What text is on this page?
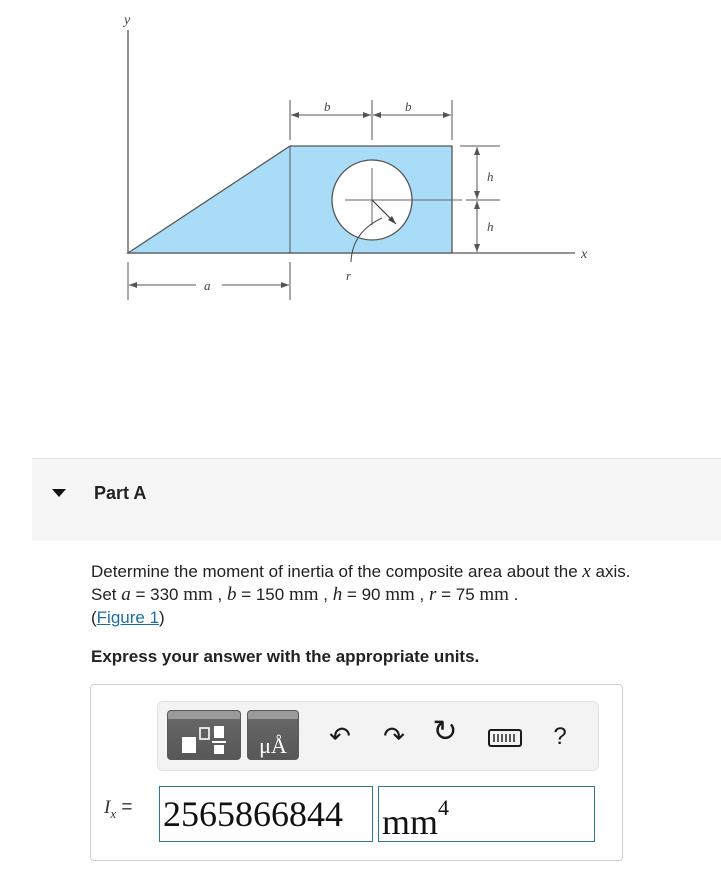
y
x
r
b	b
h
h
a
Part A
Determine the moment of inertia of the composite area about the x axis.
Set a = 330 mm , b = 150 mm , h = 90 mm , r = 75 mm .
(Figure 1)
Express your answer with the appropriate units.
μÅ	↶ ↷ ↻	?
$I_x = 2565866844$	$mm^4$
